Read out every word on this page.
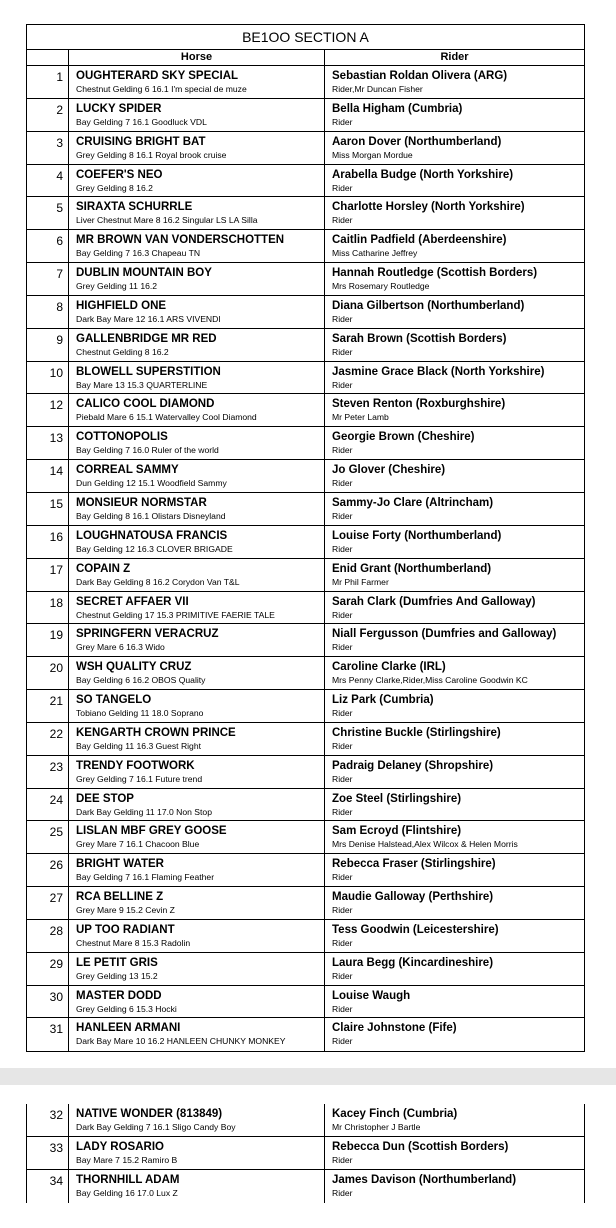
BE1OO SECTION A
Horse	Rider
1	OUGHTERARD SKY SPECIAL
Chestnut Gelding 6 16.1 I'm special de muze
Sebastian Roldan Olivera (ARG)
Rider,Mr Duncan Fisher
2	LUCKY SPIDER
Bay Gelding 7 16.1 Goodluck VDL
Bella Higham (Cumbria)
Rider
3	CRUISING BRIGHT BAT
Grey Gelding 8 16.1 Royal brook cruise
Aaron Dover (Northumberland)
Miss Morgan Mordue
4	COEFER'S NEO
Grey Gelding 8 16.2
Arabella Budge (North Yorkshire)
Rider
5	SIRAXTA SCHURRLE
Liver Chestnut Mare 8 16.2 Singular LS LA Silla
Charlotte Horsley (North Yorkshire)
Rider
6	MR BROWN VAN VONDERSCHOTTEN
Bay Gelding 7 16.3 Chapeau TN
Caitlin Padfield (Aberdeenshire)
Miss Catharine Jeffrey
7	DUBLIN MOUNTAIN BOY
Grey Gelding 11 16.2
Hannah Routledge (Scottish Borders)
Mrs Rosemary Routledge
8	HIGHFIELD ONE
Dark Bay Mare 12 16.1 ARS VIVENDI
Diana Gilbertson (Northumberland)
Rider
9	GALLENBRIDGE MR RED
Chestnut Gelding 8 16.2
Sarah Brown (Scottish Borders)
Rider
10	BLOWELL SUPERSTITION
Bay Mare 13 15.3 QUARTERLINE
Jasmine Grace Black (North Yorkshire)
Rider
12	CALICO COOL DIAMOND
Piebald Mare 6 15.1 Watervalley Cool Diamond
Steven Renton (Roxburghshire)
Mr Peter Lamb
13	COTTONOPOLIS
Bay Gelding 7 16.0 Ruler of the world
Georgie Brown (Cheshire)
Rider
14	CORREAL SAMMY
Dun Gelding 12 15.1 Woodfield Sammy
Jo Glover (Cheshire)
Rider
15	MONSIEUR NORMSTAR
Bay Gelding 8 16.1 Olistars Disneyland
Sammy-Jo Clare (Altrincham)
Rider
16	LOUGHNATOUSA FRANCIS
Bay Gelding 12 16.3 CLOVER BRIGADE
Louise Forty (Northumberland)
Rider
17	COPAIN Z
Dark Bay Gelding 8 16.2 Corydon Van T&L
Enid Grant (Northumberland)
Mr Phil Farmer
18	SECRET AFFAER VII
Chestnut Gelding 17 15.3 PRIMITIVE FAERIE TALE
Sarah Clark (Dumfries And Galloway)
Rider
19	SPRINGFERN VERACRUZ
Grey Mare 6 16.3 Wido
Niall Fergusson (Dumfries and Galloway)
Rider
20	WSH QUALITY CRUZ
Bay Gelding 6 16.2 OBOS Quality
Caroline Clarke (IRL)
Mrs Penny Clarke,Rider,Miss Caroline Goodwin KC
21	SO TANGELO
Tobiano Gelding 11 18.0 Soprano
Liz Park (Cumbria)
Rider
22	KENGARTH CROWN PRINCE
Bay Gelding 11 16.3 Guest Right
Christine Buckle (Stirlingshire)
Rider
23	TRENDY FOOTWORK
Grey Gelding 7 16.1 Future trend
Padraig Delaney (Shropshire)
Rider
24	DEE STOP
Dark Bay Gelding 11 17.0 Non Stop
Zoe Steel (Stirlingshire)
Rider
25	LISLAN MBF GREY GOOSE
Grey Mare 7 16.1 Chacoon Blue
Sam Ecroyd (Flintshire)
Mrs Denise Halstead,Alex Wilcox & Helen Morris
26	BRIGHT WATER
Bay Gelding 7 16.1 Flaming Feather
Rebecca Fraser (Stirlingshire)
Rider
27	RCA BELLINE Z
Grey Mare 9 15.2 Cevin Z
Maudie Galloway (Perthshire)
Rider
28	UP TOO RADIANT
Chestnut Mare 8 15.3 Radolin
Tess Goodwin (Leicestershire)
Rider
29	LE PETIT GRIS
Grey Gelding 13 15.2
Laura Begg (Kincardineshire)
Rider
30	MASTER DODD
Grey Gelding 6 15.3 Hocki
Louise Waugh
Rider
31	HANLEEN ARMANI
Dark Bay Mare 10 16.2 HANLEEN CHUNKY MONKEY
Claire Johnstone (Fife)
Rider
32	NATIVE WONDER (813849)
Dark Bay Gelding 7 16.1 Sligo Candy Boy
Kacey Finch (Cumbria)
Mr Christopher J Bartle
33	LADY ROSARIO
Bay Mare 7 15.2 Ramiro B
Rebecca Dun (Scottish Borders)
Rider
34	THORNHILL ADAM
Bay Gelding 16 17.0 Lux Z
James Davison (Northumberland)
Rider
